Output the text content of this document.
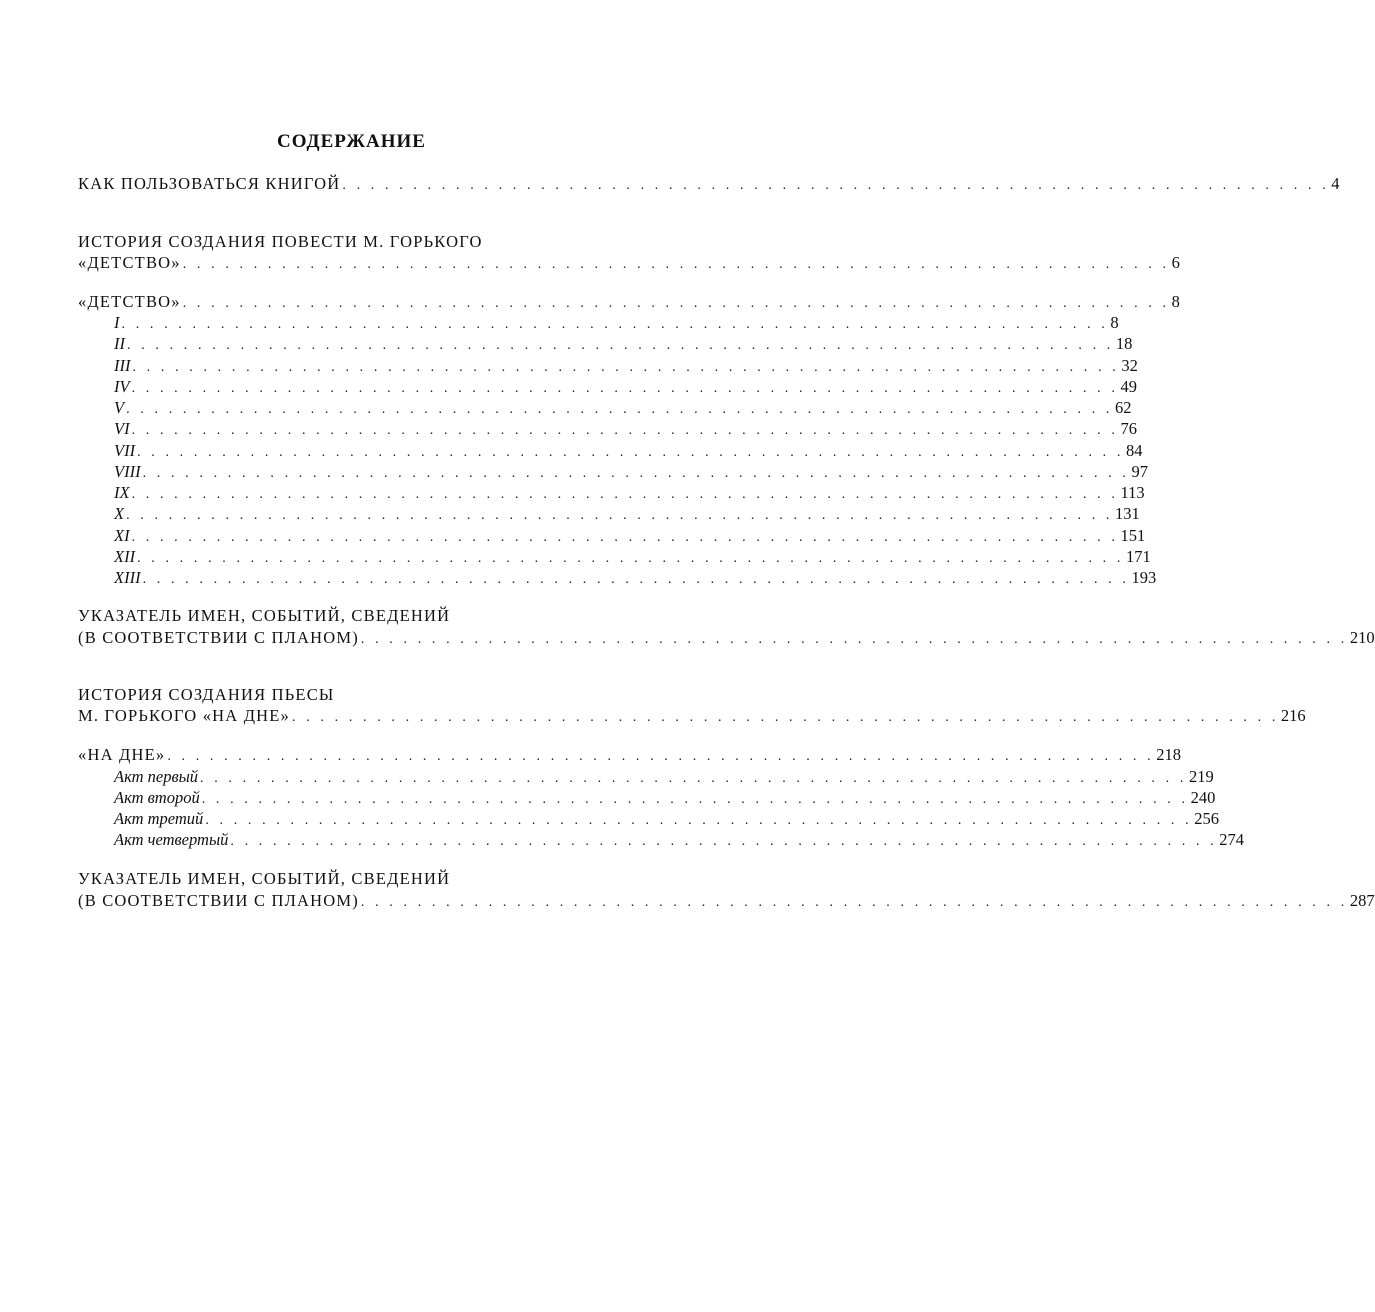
СОДЕРЖАНИЕ
КАК ПОЛЬЗОВАТЬСЯ КНИГОЙ . . . . . . . . . . . . . . . . . . . . . . . . . . . . . . . . . . . . . . . . . . . . . . . . . . . . . . . . . . . . . . . . . . . . . . 4
ИСТОРИЯ СОЗДАНИЯ ПОВЕСТИ М. ГОРЬКОГО
«ДЕТСТВО» . . . . . . . . . . . . . . . . . . . . . . . . . . . . . . . . . . . . . . . . . . . . . . . . . . . . . . . . . . . . . . . . . . . . . . 6
«ДЕТСТВО» . . . . . . . . . . . . . . . . . . . . . . . . . . . . . . . . . . . . . . . . . . . . . . . . . . . . . . . . . . . . . . . . . . . . . . 8
I . . . . . . . . . . . . . . . . . . . . . . . . . . . . . . . . . . . . . . . . . . . . . . . . . . . . . . . . . . . . . . . . . . . . . . 8
II . . . . . . . . . . . . . . . . . . . . . . . . . . . . . . . . . . . . . . . . . . . . . . . . . . . . . . . . . . . . . . . . . . . . . . 18
III . . . . . . . . . . . . . . . . . . . . . . . . . . . . . . . . . . . . . . . . . . . . . . . . . . . . . . . . . . . . . . . . . . . . . . 32
IV . . . . . . . . . . . . . . . . . . . . . . . . . . . . . . . . . . . . . . . . . . . . . . . . . . . . . . . . . . . . . . . . . . . . . . 49
V . . . . . . . . . . . . . . . . . . . . . . . . . . . . . . . . . . . . . . . . . . . . . . . . . . . . . . . . . . . . . . . . . . . . . . 62
VI . . . . . . . . . . . . . . . . . . . . . . . . . . . . . . . . . . . . . . . . . . . . . . . . . . . . . . . . . . . . . . . . . . . . . . 76
VII . . . . . . . . . . . . . . . . . . . . . . . . . . . . . . . . . . . . . . . . . . . . . . . . . . . . . . . . . . . . . . . . . . . . . . 84
VIII . . . . . . . . . . . . . . . . . . . . . . . . . . . . . . . . . . . . . . . . . . . . . . . . . . . . . . . . . . . . . . . . . . . . . . 97
IX . . . . . . . . . . . . . . . . . . . . . . . . . . . . . . . . . . . . . . . . . . . . . . . . . . . . . . . . . . . . . . . . . . . . . . 113
X . . . . . . . . . . . . . . . . . . . . . . . . . . . . . . . . . . . . . . . . . . . . . . . . . . . . . . . . . . . . . . . . . . . . . . 131
XI . . . . . . . . . . . . . . . . . . . . . . . . . . . . . . . . . . . . . . . . . . . . . . . . . . . . . . . . . . . . . . . . . . . . . . 151
XII . . . . . . . . . . . . . . . . . . . . . . . . . . . . . . . . . . . . . . . . . . . . . . . . . . . . . . . . . . . . . . . . . . . . . . 171
XIII . . . . . . . . . . . . . . . . . . . . . . . . . . . . . . . . . . . . . . . . . . . . . . . . . . . . . . . . . . . . . . . . . . . . . . 193
УКАЗАТЕЛЬ ИМЕН, СОБЫТИЙ, СВЕДЕНИЙ
(В СООТВЕТСТВИИ С ПЛАНОМ) . . . . . . . . . . . . . . . . . . . . . . . . . . . . . . . . . . . . . . . . . . . . . . . . . . . . . . . . . . . . . . . . . . . . . . 210
ИСТОРИЯ СОЗДАНИЯ ПЬЕСЫ
М. ГОРЬКОГО «НА ДНЕ» . . . . . . . . . . . . . . . . . . . . . . . . . . . . . . . . . . . . . . . . . . . . . . . . . . . . . . . . . . . . . . . . . . . . . . 216
«НА ДНЕ» . . . . . . . . . . . . . . . . . . . . . . . . . . . . . . . . . . . . . . . . . . . . . . . . . . . . . . . . . . . . . . . . . . . . . . 218
Акт первый . . . . . . . . . . . . . . . . . . . . . . . . . . . . . . . . . . . . . . . . . . . . . . . . . . . . . . . . . . . . . . . . . . . . . . 219
Акт второй . . . . . . . . . . . . . . . . . . . . . . . . . . . . . . . . . . . . . . . . . . . . . . . . . . . . . . . . . . . . . . . . . . . . . . 240
Акт третий . . . . . . . . . . . . . . . . . . . . . . . . . . . . . . . . . . . . . . . . . . . . . . . . . . . . . . . . . . . . . . . . . . . . . . 256
Акт четвертый . . . . . . . . . . . . . . . . . . . . . . . . . . . . . . . . . . . . . . . . . . . . . . . . . . . . . . . . . . . . . . . . . . . . . . 274
УКАЗАТЕЛЬ ИМЕН, СОБЫТИЙ, СВЕДЕНИЙ
(В СООТВЕТСТВИИ С ПЛАНОМ) . . . . . . . . . . . . . . . . . . . . . . . . . . . . . . . . . . . . . . . . . . . . . . . . . . . . . . . . . . . . . . . . . . . . . . 287
